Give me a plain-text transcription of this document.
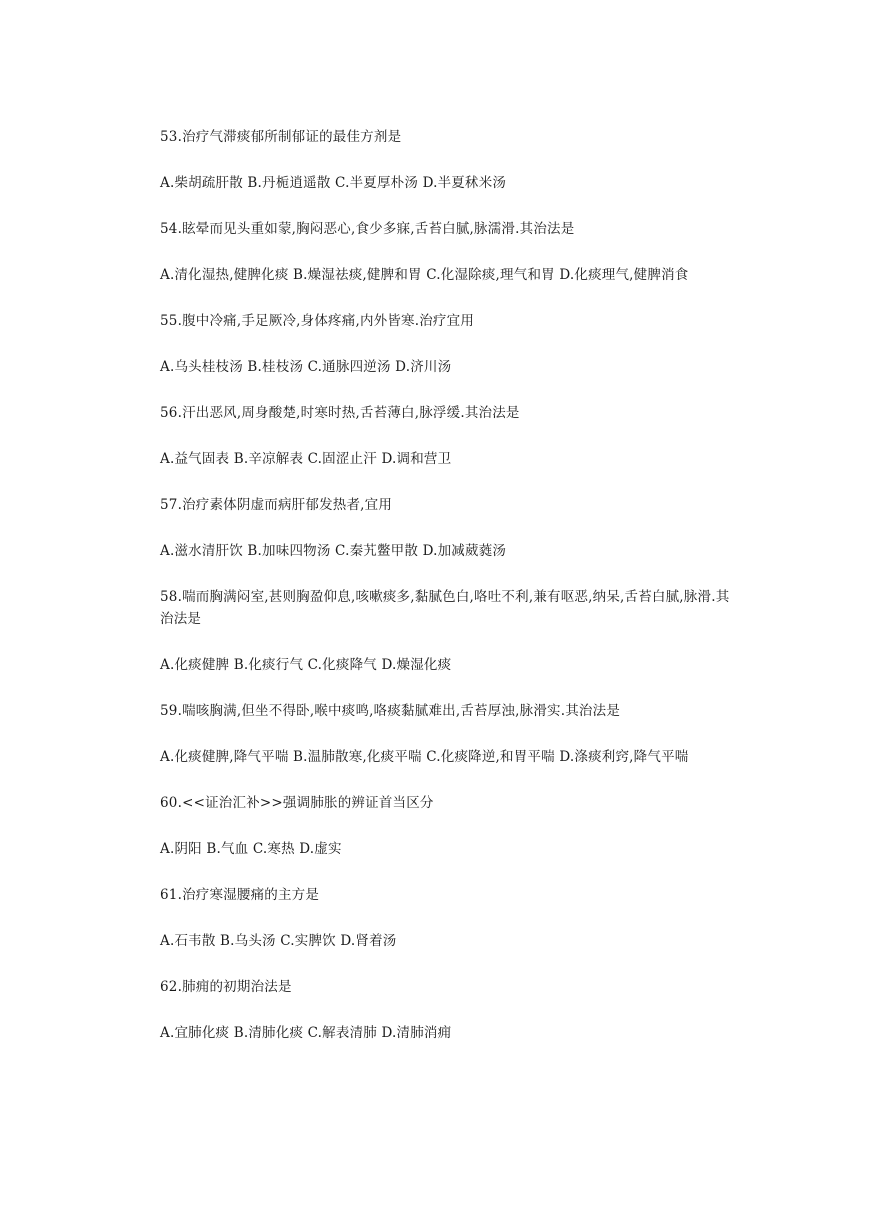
53.治疗气滞痰郁所制郁证的最佳方剂是

A.柴胡疏肝散 B.丹栀逍遥散 C.半夏厚朴汤 D.半夏秫米汤

54.眩晕而见头重如蒙,胸闷恶心,食少多寐,舌苔白腻,脉濡滑.其治法是

A.清化湿热,健脾化痰 B.燥湿祛痰,健脾和胃 C.化湿除痰,理气和胃 D.化痰理气,健脾消食

55.腹中冷痛,手足厥冷,身体疼痛,内外皆寒.治疗宜用

A.乌头桂枝汤 B.桂枝汤 C.通脉四逆汤 D.济川汤

56.汗出恶风,周身酸楚,时寒时热,舌苔薄白,脉浮缓.其治法是

A.益气固表 B.辛凉解表 C.固涩止汗 D.调和营卫

57.治疗素体阴虚而病肝郁发热者,宜用

A.滋水清肝饮 B.加味四物汤 C.秦艽鳖甲散 D.加减葳蕤汤

58.喘而胸满闷室,甚则胸盈仰息,咳嗽痰多,黏腻色白,咯吐不利,兼有呕恶,纳呆,舌苔白腻,脉滑.其治法是

A.化痰健脾 B.化痰行气 C.化痰降气 D.燥湿化痰

59.喘咳胸满,但坐不得卧,喉中痰鸣,咯痰黏腻难出,舌苔厚浊,脉滑实.其治法是

A.化痰健脾,降气平喘 B.温肺散寒,化痰平喘 C.化痰降逆,和胃平喘 D.涤痰利窍,降气平喘

60.<<证治汇补>>强调肺胀的辨证首当区分

A.阴阳 B.气血 C.寒热 D.虚实

61.治疗寒湿腰痛的主方是

A.石韦散 B.乌头汤 C.实脾饮 D.肾着汤

62.肺痈的初期治法是

A.宜肺化痰 B.清肺化痰 C.解表清肺 D.清肺消痈
